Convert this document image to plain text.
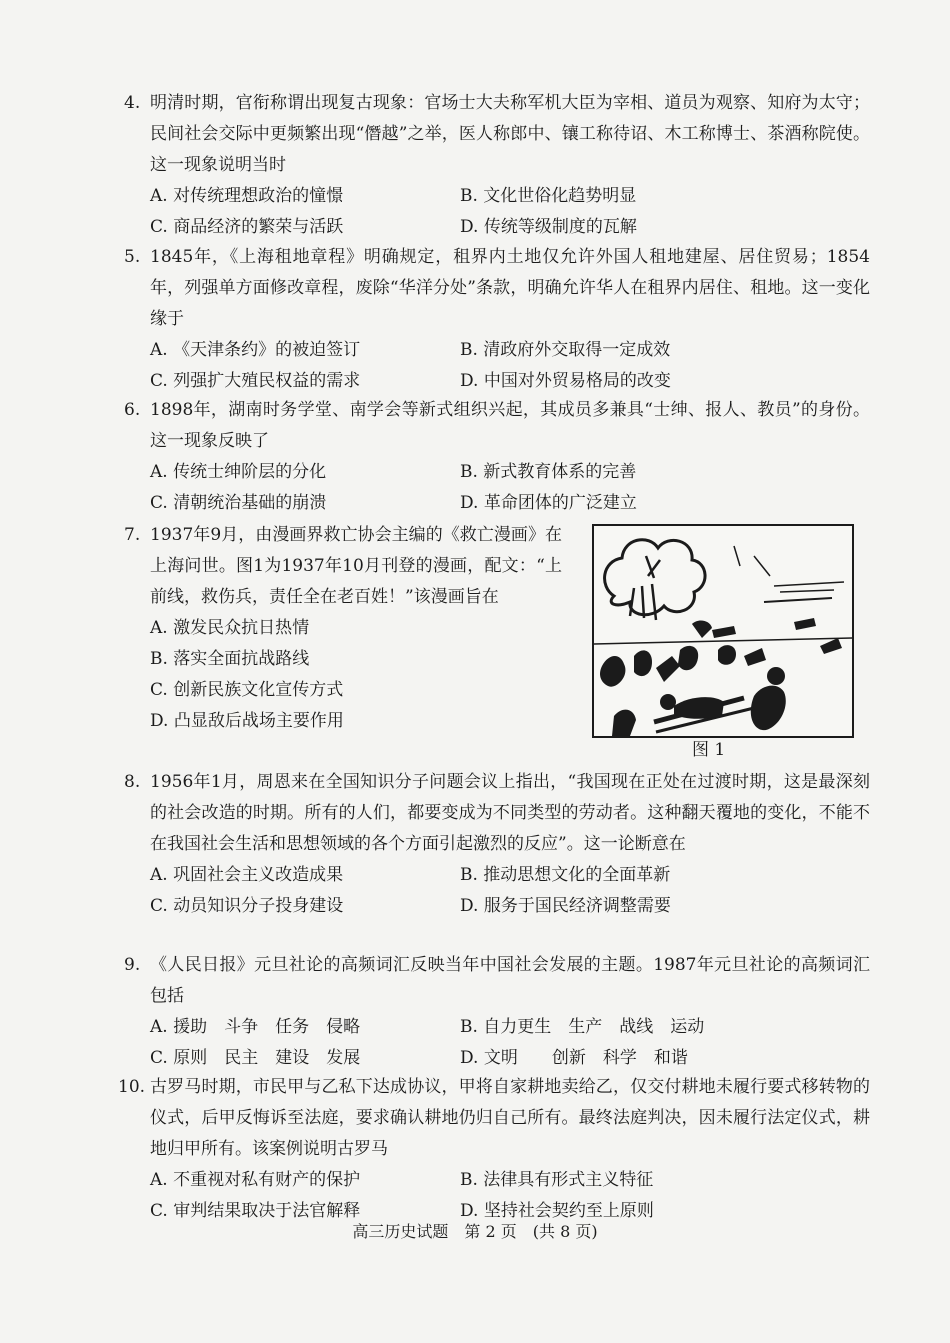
4. 明清时期，官衔称谓出现复古现象：官场士大夫称军机大臣为宰相、道员为观察、知府为太守；民间社会交际中更频繁出现“僭越”之举，医人称郎中、镶工称待诏、木工称博士、茶酒称院使。这一现象说明当时

A. 对传统理想政治的憧憬	B. 文化世俗化趋势明显
C. 商品经济的繁荣与活跃	D. 传统等级制度的瓦解
5. 1845年，《上海租地章程》明确规定，租界内土地仅允许外国人租地建屋、居住贸易；1854年，列强单方面修改章程，废除“华洋分处”条款，明确允许华人在租界内居住、租地。这一变化缘于

A. 《天津条约》的被迫签订	B. 清政府外交取得一定成效
C. 列强扩大殖民权益的需求	D. 中国对外贸易格局的改变
6. 1898年，湖南时务学堂、南学会等新式组织兴起，其成员多兼具“士绅、报人、教员”的身份。这一现象反映了

A. 传统士绅阶层的分化	B. 新式教育体系的完善
C. 清朝统治基础的崩溃	D. 革命团体的广泛建立
7. 1937年9月，由漫画界救亡协会主编的《救亡漫画》在上海问世。图1为1937年10月刊登的漫画，配文：“上前线，救伤兵，责任全在老百姓！”该漫画旨在

A. 激发民众抗日热情
B. 落实全面抗战路线
C. 创新民族文化宣传方式
D. 凸显敌后战场主要作用
图 1
8. 1956年1月，周恩来在全国知识分子问题会议上指出，“我国现在正处在过渡时期，这是最深刻的社会改造的时期。所有的人们，都要变成为不同类型的劳动者。这种翻天覆地的变化，不能不在我国社会生活和思想领域的各个方面引起激烈的反应”。这一论断意在

A. 巩固社会主义改造成果	B. 推动思想文化的全面革新
C. 动员知识分子投身建设	D. 服务于国民经济调整需要
9. 《人民日报》元旦社论的高频词汇反映当年中国社会发展的主题。1987年元旦社论的高频词汇包括

A. 援助　斗争　任务　侵略	B. 自力更生　生产　战线　运动
C. 原则　民主　建设　发展	D. 文明　　创新　科学　和谐
10. 古罗马时期，市民甲与乙私下达成协议，甲将自家耕地卖给乙，仅交付耕地未履行要式移转物的仪式，后甲反悔诉至法庭，要求确认耕地仍归自己所有。最终法庭判决，因未履行法定仪式，耕地归甲所有。该案例说明古罗马

A. 不重视对私有财产的保护	B. 法律具有形式主义特征
C. 审判结果取决于法官解释	D. 坚持社会契约至上原则
高三历史试题　第 2 页　(共 8 页)
